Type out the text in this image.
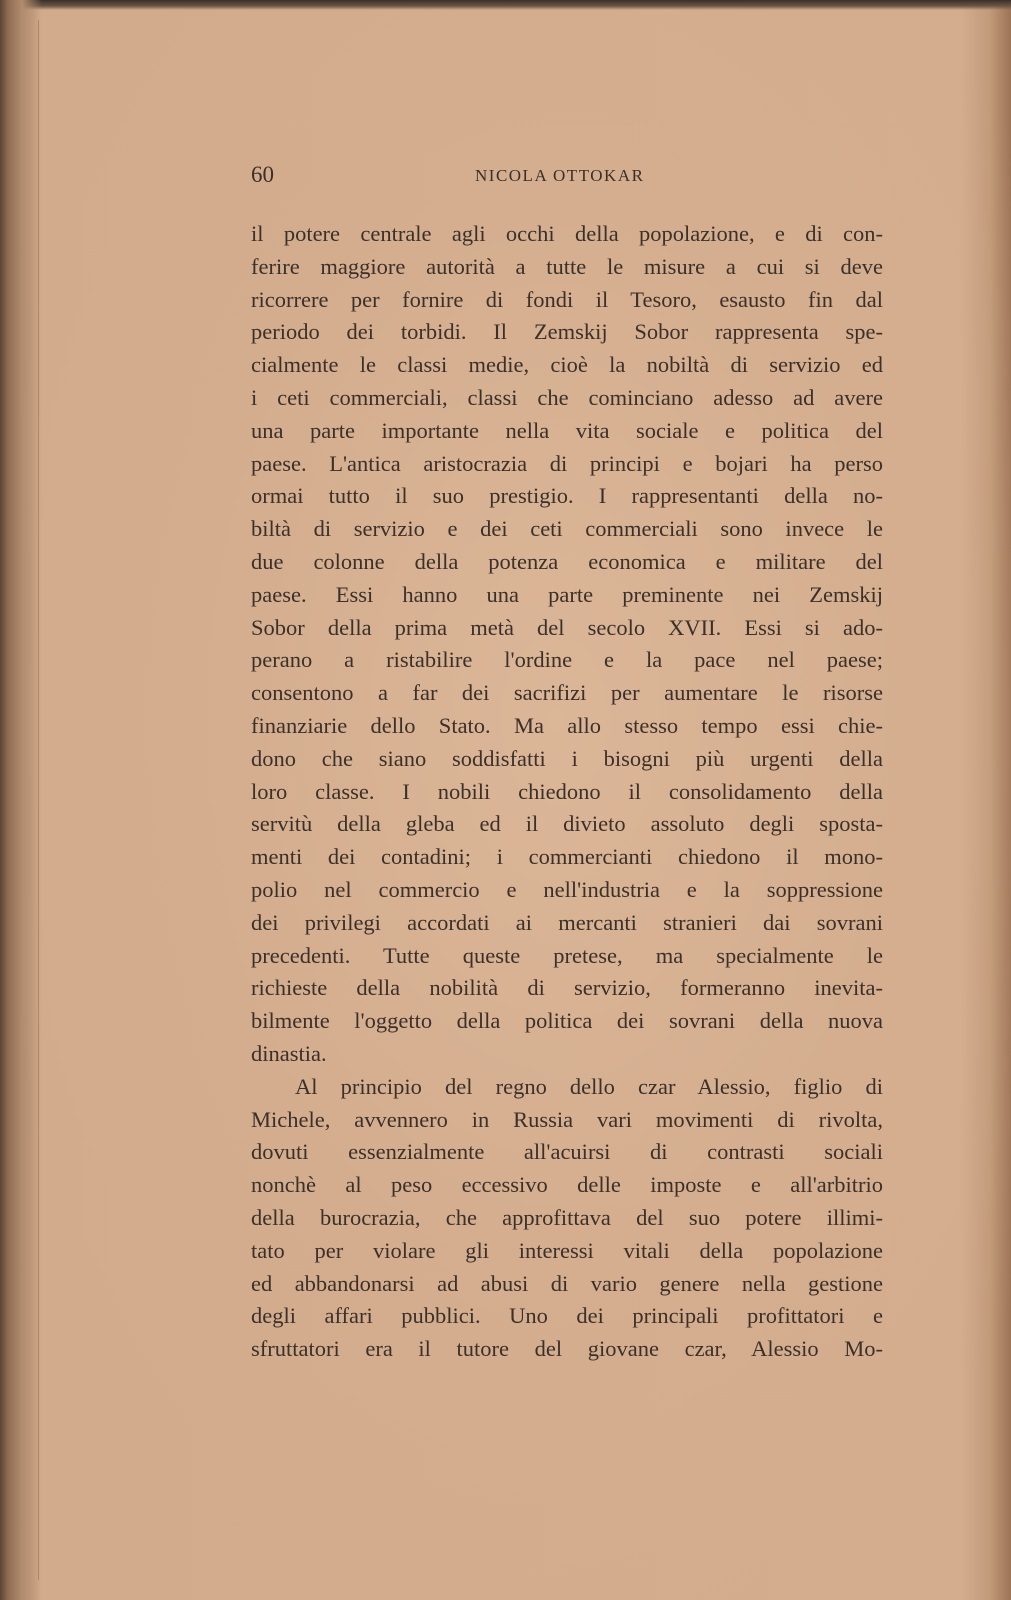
60	NICOLA OTTOKAR
il potere centrale agli occhi della popolazione, e di con-
ferire maggiore autorità a tutte le misure a cui si deve
ricorrere per fornire di fondi il Tesoro, esausto fin dal
periodo dei torbidi. Il Zemskij Sobor rappresenta spe-
cialmente le classi medie, cioè la nobiltà di servizio ed
i ceti commerciali, classi che cominciano adesso ad avere
una parte importante nella vita sociale e politica del
paese. L'antica aristocrazia di principi e bojari ha perso
ormai tutto il suo prestigio. I rappresentanti della no-
biltà di servizio e dei ceti commerciali sono invece le
due colonne della potenza economica e militare del
paese. Essi hanno una parte preminente nei Zemskij
Sobor della prima metà del secolo XVII. Essi si ado-
perano a ristabilire l'ordine e la pace nel paese;
consentono a far dei sacrifizi per aumentare le risorse
finanziarie dello Stato. Ma allo stesso tempo essi chie-
dono che siano soddisfatti i bisogni più urgenti della
loro classe. I nobili chiedono il consolidamento della
servitù della gleba ed il divieto assoluto degli sposta-
menti dei contadini; i commercianti chiedono il mono-
polio nel commercio e nell'industria e la soppressione
dei privilegi accordati ai mercanti stranieri dai sovrani
precedenti. Tutte queste pretese, ma specialmente le
richieste della nobilità di servizio, formeranno inevita-
bilmente l'oggetto della politica dei sovrani della nuova
dinastia.
Al principio del regno dello czar Alessio, figlio di
Michele, avvennero in Russia vari movimenti di rivolta,
dovuti essenzialmente all'acuirsi di contrasti sociali
nonchè al peso eccessivo delle imposte e all'arbitrio
della burocrazia, che approfittava del suo potere illimi-
tato per violare gli interessi vitali della popolazione
ed abbandonarsi ad abusi di vario genere nella gestione
degli affari pubblici. Uno dei principali profittatori e
sfruttatori era il tutore del giovane czar, Alessio Mo-
